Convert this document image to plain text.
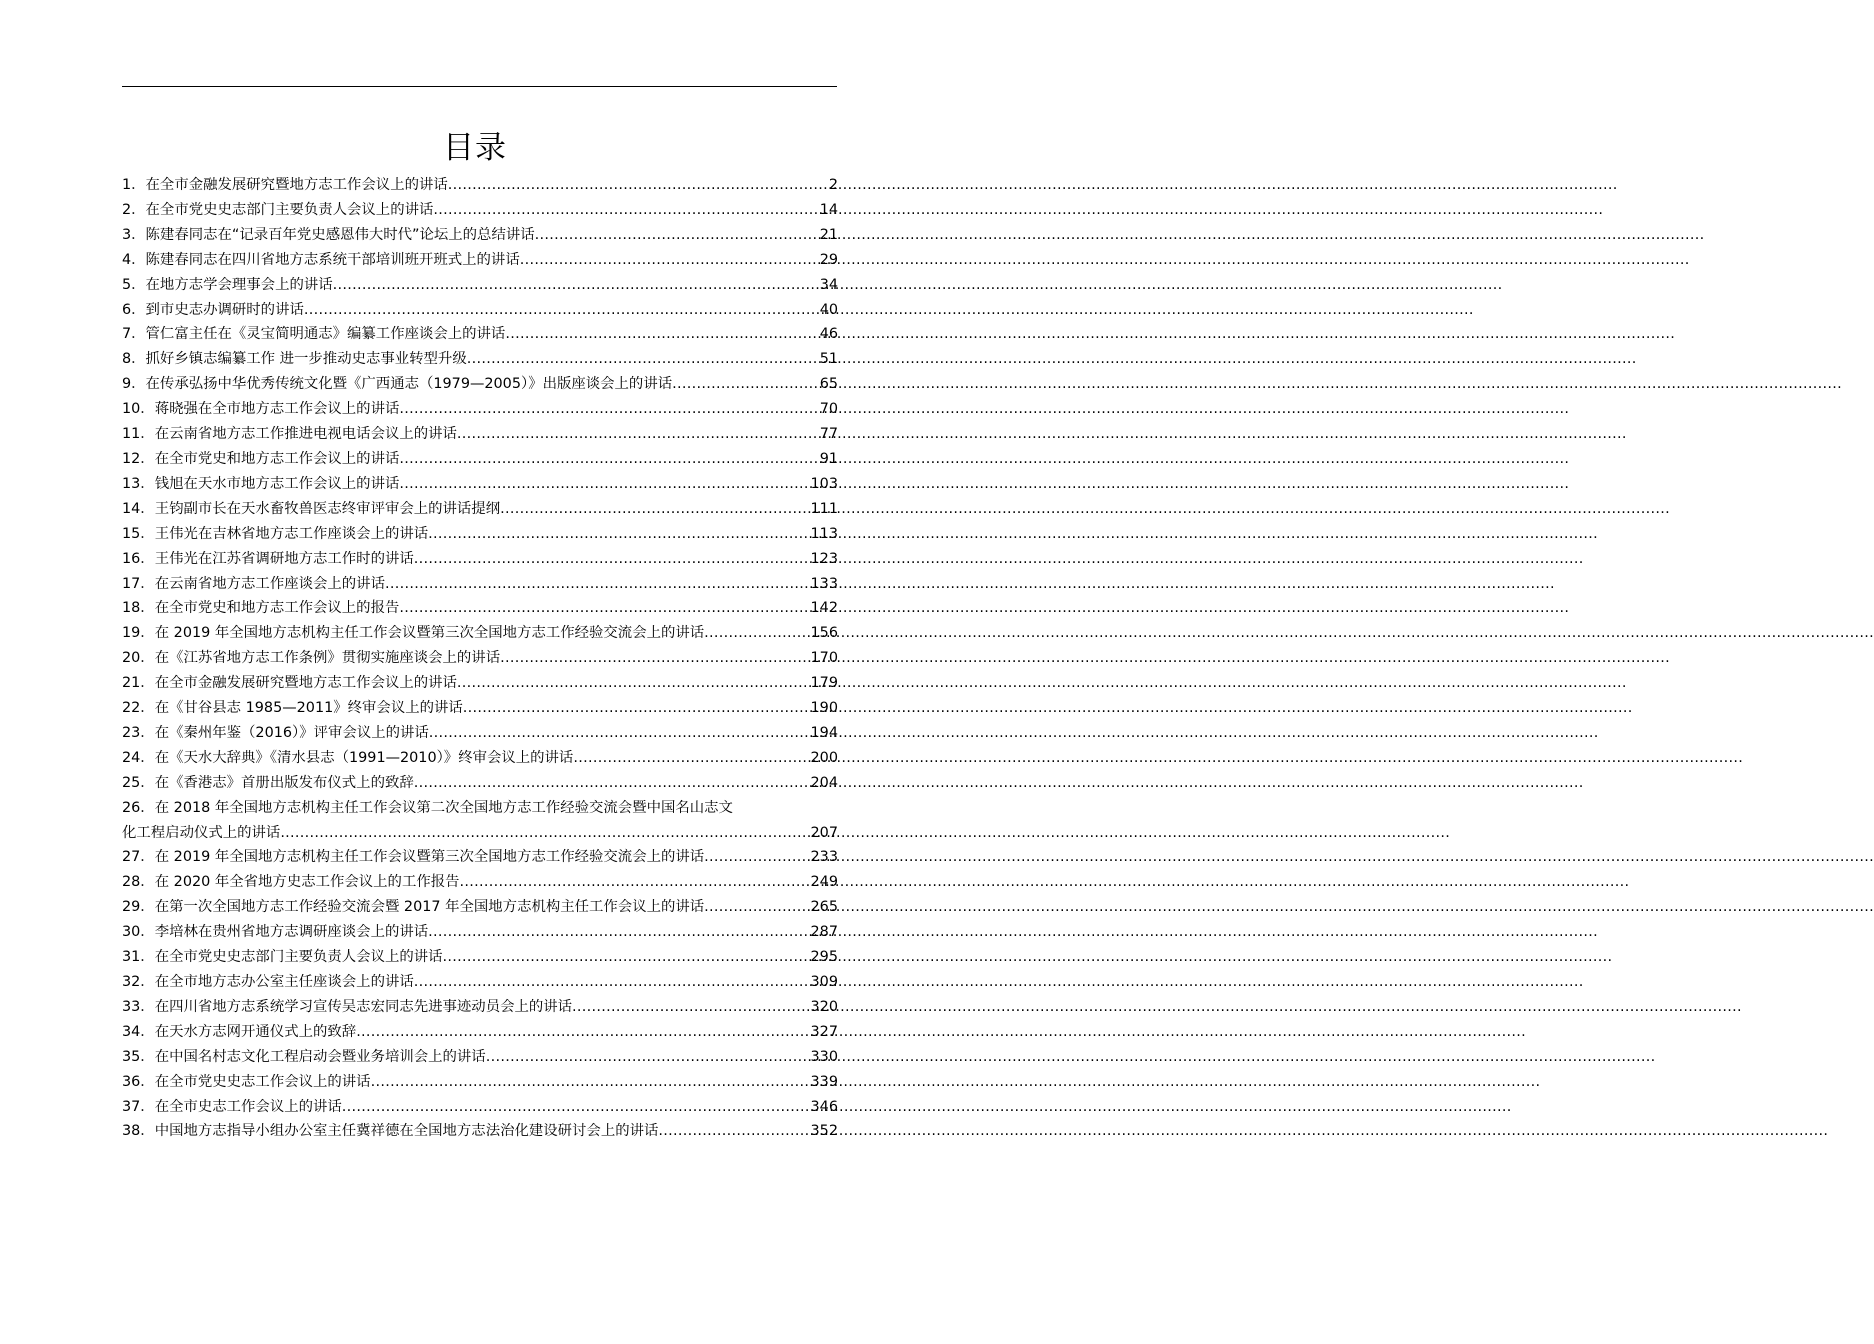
目录
1．在全市金融发展研究暨地方志工作会议上的讲话 .....	2
2．在全市党史史志部门主要负责人会议上的讲话 .....	14
3．陈建春同志在“记录百年党史感恩伟大时代”论坛上的总结讲话 .....	21
4．陈建春同志在四川省地方志系统干部培训班开班式上的讲话 .....	29
5．在地方志学会理事会上的讲话 .....	34
6．到市史志办调研时的讲话 .....	40
7．管仁富主任在《灵宝简明通志》编纂工作座谈会上的讲话 .....	46
8．抓好乡镇志编纂工作 进一步推动史志事业转型升级 .....	51
9．在传承弘扬中华优秀传统文化暨《广西通志（1979—2005）》出版座谈会上的讲话 .....	65
10．蒋晓强在全市地方志工作会议上的讲话 .....	70
11．在云南省地方志工作推进电视电话会议上的讲话 .....	77
12．在全市党史和地方志工作会议上的讲话 .....	91
13．钱旭在天水市地方志工作会议上的讲话 .....	103
14．王钧副市长在天水畜牧兽医志终审评审会上的讲话提纲 .....	111
15．王伟光在吉林省地方志工作座谈会上的讲话 .....	113
16．王伟光在江苏省调研地方志工作时的讲话 .....	123
17．在云南省地方志工作座谈会上的讲话 .....	133
18．在全市党史和地方志工作会议上的报告 .....	142
19．在 2019 年全国地方志机构主任工作会议暨第三次全国地方志工作经验交流会上的讲话 .....	156
20．在《江苏省地方志工作条例》贯彻实施座谈会上的讲话 .....	170
21．在全市金融发展研究暨地方志工作会议上的讲话 .....	179
22．在《甘谷县志 1985—2011》终审会议上的讲话 .....	190
23．在《秦州年鉴（2016）》评审会议上的讲话 .....	194
24．在《天水大辞典》《清水县志（1991—2010）》终审会议上的讲话 .....	200
25．在《香港志》首册出版发布仪式上的致辞 .....	204
26．在 2018 年全国地方志机构主任工作会议第二次全国地方志工作经验交流会暨中国名山志文
化工程启动仪式上的讲话 .....	207
27．在 2019 年全国地方志机构主任工作会议暨第三次全国地方志工作经验交流会上的讲话 .....	233
28．在 2020 年全省地方史志工作会议上的工作报告 .....	249
29．在第一次全国地方志工作经验交流会暨 2017 年全国地方志机构主任工作会议上的讲话 .....	265
30．李培林在贵州省地方志调研座谈会上的讲话 .....	287
31．在全市党史史志部门主要负责人会议上的讲话 .....	295
32．在全市地方志办公室主任座谈会上的讲话 .....	309
33．在四川省地方志系统学习宣传吴志宏同志先进事迹动员会上的讲话 .....	320
34．在天水方志网开通仪式上的致辞 .....	327
35．在中国名村志文化工程启动会暨业务培训会上的讲话 .....	330
36．在全市党史史志工作会议上的讲话 .....	339
37．在全市史志工作会议上的讲话 .....	346
38．中国地方志指导小组办公室主任冀祥德在全国地方志法治化建设研讨会上的讲话 .....	352
